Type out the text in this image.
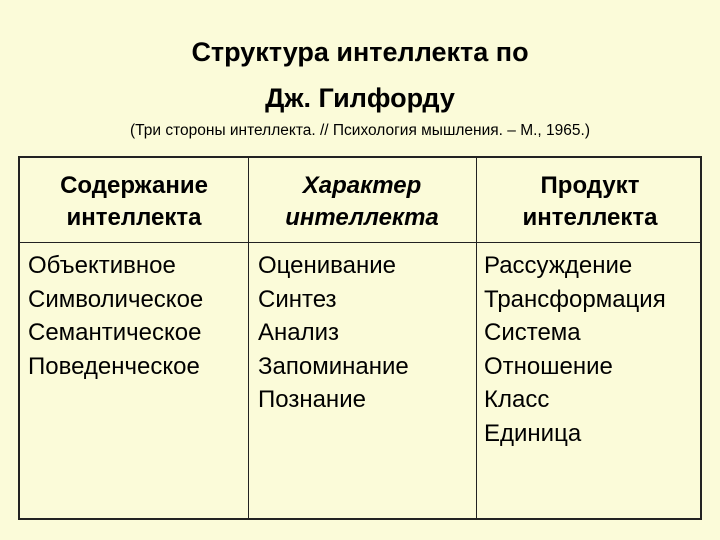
Структура интеллекта по
Дж. Гилфорду
(Три стороны интеллекта. // Психология мышления. – М., 1965.)
Содержание
интеллекта
Характер
интеллекта
Продукт
интеллекта
Объективное
Символическое
Семантическое
Поведенческое
Оценивание
Синтез
Анализ
Запоминание
Познание
Рассуждение
Трансформация
Система
Отношение
Класс
Единица
